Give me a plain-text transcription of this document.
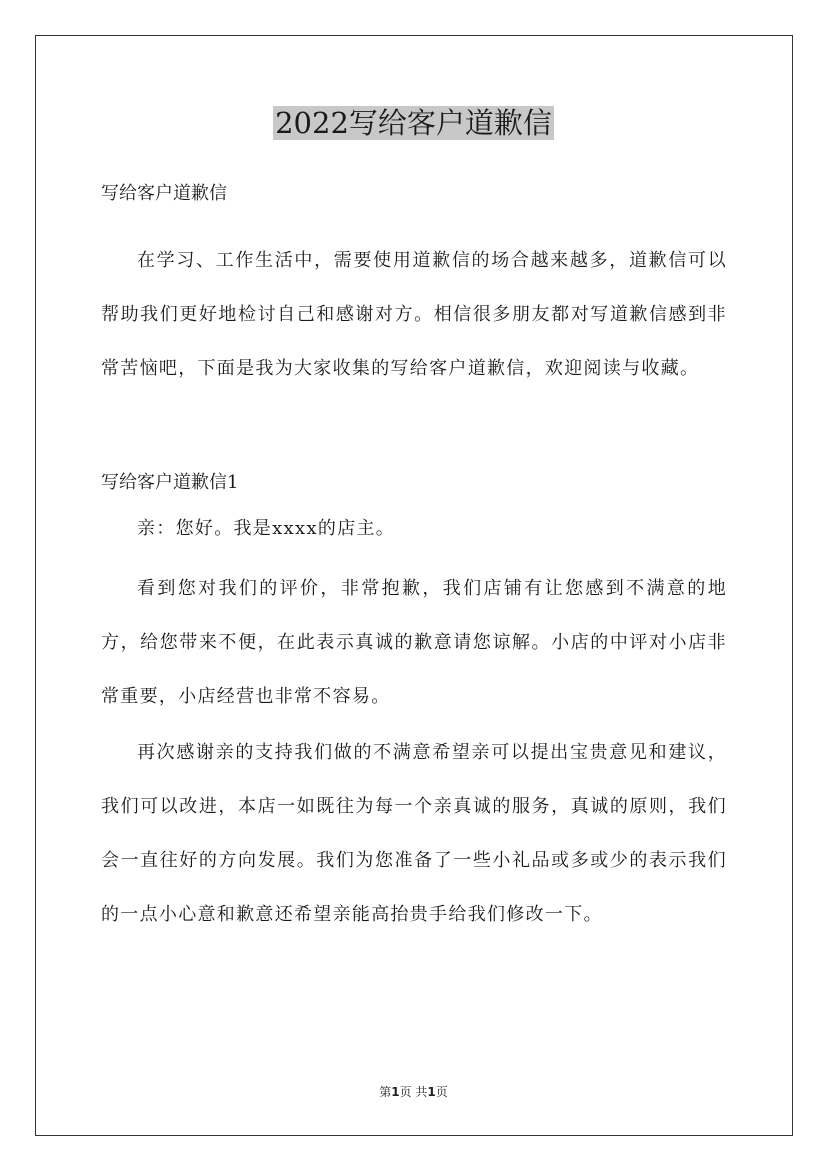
2022写给客户道歉信

写给客户道歉信

在学习、工作生活中，需要使用道歉信的场合越来越多，道歉信可以帮助我们更好地检讨自己和感谢对方。相信很多朋友都对写道歉信感到非常苦恼吧，下面是我为大家收集的写给客户道歉信，欢迎阅读与收藏。

写给客户道歉信1

亲：您好。我是xxxx的店主。

看到您对我们的评价，非常抱歉，我们店铺有让您感到不满意的地方，给您带来不便，在此表示真诚的歉意请您谅解。小店的中评对小店非常重要，小店经营也非常不容易。

再次感谢亲的支持我们做的不满意希望亲可以提出宝贵意见和建议，我们可以改进，本店一如既往为每一个亲真诚的服务，真诚的原则，我们会一直往好的方向发展。我们为您准备了一些小礼品或多或少的表示我们的一点小心意和歉意还希望亲能高抬贵手给我们修改一下。

第1页 共1页
